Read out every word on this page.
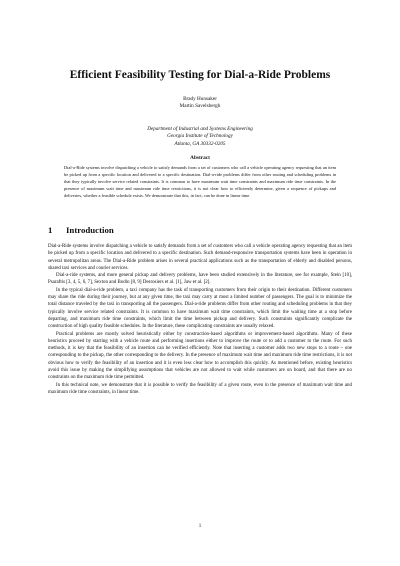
Efficient Feasibility Testing for Dial-a-Ride Problems
Brady Hunsaker
Martin Savelsbergh
Department of Industrial and Systems Engineering
Georgia Institute of Technology
Atlanta, GA 30332-0205
Abstract
Dial-a-Ride systems involve dispatching a vehicle to satisfy demands from a set of customers who call a vehicle operating agency requesting that an item be picked up from a specific location and delivered to a specific destination. Dial-a-ride problems differ from other routing and scheduling problems in that they typically involve service related constraints. It is common to have maximum wait time constraints and maximum ride time constraints. In the presence of maximum wait time and maximum ride time restrictions, it is not clear how to efficiently determine, given a sequence of pickups and deliveries, whether a feasible schedule exists. We demonstrate that this, in fact, can be done in linear time.
1 Introduction

Dial-a-Ride systems involve dispatching a vehicle to satisfy demands from a set of customers who call a vehicle operating agency requesting that an item be picked up from a specific location and delivered to a specific destination. Such demand-responsive transportation systems have been in operation in several metropolitan areas. The Dial-a-Ride problem arises in several practical applications such as the transportation of elderly and disabled persons, shared taxi services and courier services.

Dial-a-ride systems, and more general pickup and delivery problems, have been studied extensively in the literature, see for example, Stein [10], Psaraftis [3, 4, 5, 6, 7], Sexton and Bodin [8, 9] Desrosiers et al. [1], Jaw et al. [2].

In the typical dial-a-ride problem, a taxi company has the task of transporting customers from their origin to their destination. Different customers may share the ride during their journey, but at any given time, the taxi may carry at most a limited number of passengers. The goal is to minimize the total distance traveled by the taxi in transporting all the passengers. Dial-a-ride problems differ from other routing and scheduling problems in that they typically involve service related constraints. It is common to have maximum wait time constraints, which limit the waiting time at a stop before departing, and maximum ride time constraints, which limit the time between pickup and delivery. Such constraints significantly complicate the construction of high quality feasible schedules. In the literature, these complicating constraints are usually relaxed.

Practical problems are mostly solved heuristically either by construction-based algorithms or improvement-based algorithms. Many of these heuristics proceed by starting with a vehicle route and performing insertions either to improve the route or to add a customer to the route. For such methods, it is key that the feasibility of an insertion can be verified efficiently. Note that inserting a customer adds two new stops to a route – one corresponding to the pickup, the other corresponding to the delivery. In the presence of maximum wait time and maximum ride time restrictions, it is not obvious how to verify the feasibility of an insertion and it is even less clear how to accomplish this quickly. As mentioned before, existing heuristics avoid this issue by making the simplifying assumptions that vehicles are not allowed to wait while customers are on board, and that there are no constraints on the maximum ride time permitted.

In this technical note, we demonstrate that it is possible to verify the feasibility of a given route, even in the presence of maximum wait time and maximum ride time constraints, in linear time.

1
